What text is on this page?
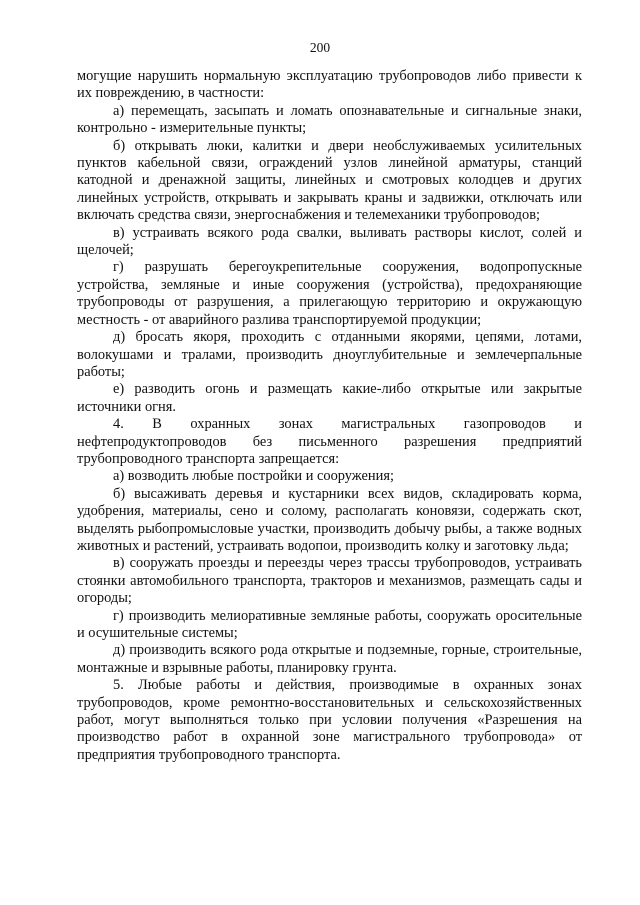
200

могущие нарушить нормальную эксплуатацию трубопроводов либо привести к их повреждению, в частности:

а) перемещать, засыпать и ломать опознавательные и сигнальные знаки, контрольно - измерительные пункты;

б) открывать люки, калитки и двери необслуживаемых усилительных пунктов кабельной связи, ограждений узлов линейной арматуры, станций катодной и дренажной защиты, линейных и смотровых колодцев и других линейных устройств, открывать и закрывать краны и задвижки, отключать или включать средства связи, энергоснабжения и телемеханики трубопроводов;

в) устраивать всякого рода свалки, выливать растворы кислот, солей и щелочей;

г) разрушать берегоукрепительные сооружения, водопропускные устройства, земляные и иные сооружения (устройства), предохраняющие трубопроводы от разрушения, а прилегающую территорию и окружающую местность - от аварийного разлива транспортируемой продукции;

д) бросать якоря, проходить с отданными якорями, цепями, лотами, волокушами и тралами, производить дноуглубительные и землечерпальные работы;

е) разводить огонь и размещать какие-либо открытые или закрытые источники огня.

4. В охранных зонах магистральных газопроводов и нефтепродуктопроводов без письменного разрешения предприятий трубопроводного транспорта запрещается:

а) возводить любые постройки и сооружения;

б) высаживать деревья и кустарники всех видов, складировать корма, удобрения, материалы, сено и солому, располагать коновязи, содержать скот, выделять рыбопромысловые участки, производить добычу рыбы, а также водных животных и растений, устраивать водопои, производить колку и заготовку льда;

в) сооружать проезды и переезды через трассы трубопроводов, устраивать стоянки автомобильного транспорта, тракторов и механизмов, размещать сады и огороды;

г) производить мелиоративные земляные работы, сооружать оросительные и осушительные системы;

д) производить всякого рода открытые и подземные, горные, строительные, монтажные и взрывные работы, планировку грунта.

5. Любые работы и действия, производимые в охранных зонах трубопроводов, кроме ремонтно-восстановительных и сельскохозяйственных работ, могут выполняться только при условии получения «Разрешения на производство работ в охранной зоне магистрального трубопровода» от предприятия трубопроводного транспорта.
